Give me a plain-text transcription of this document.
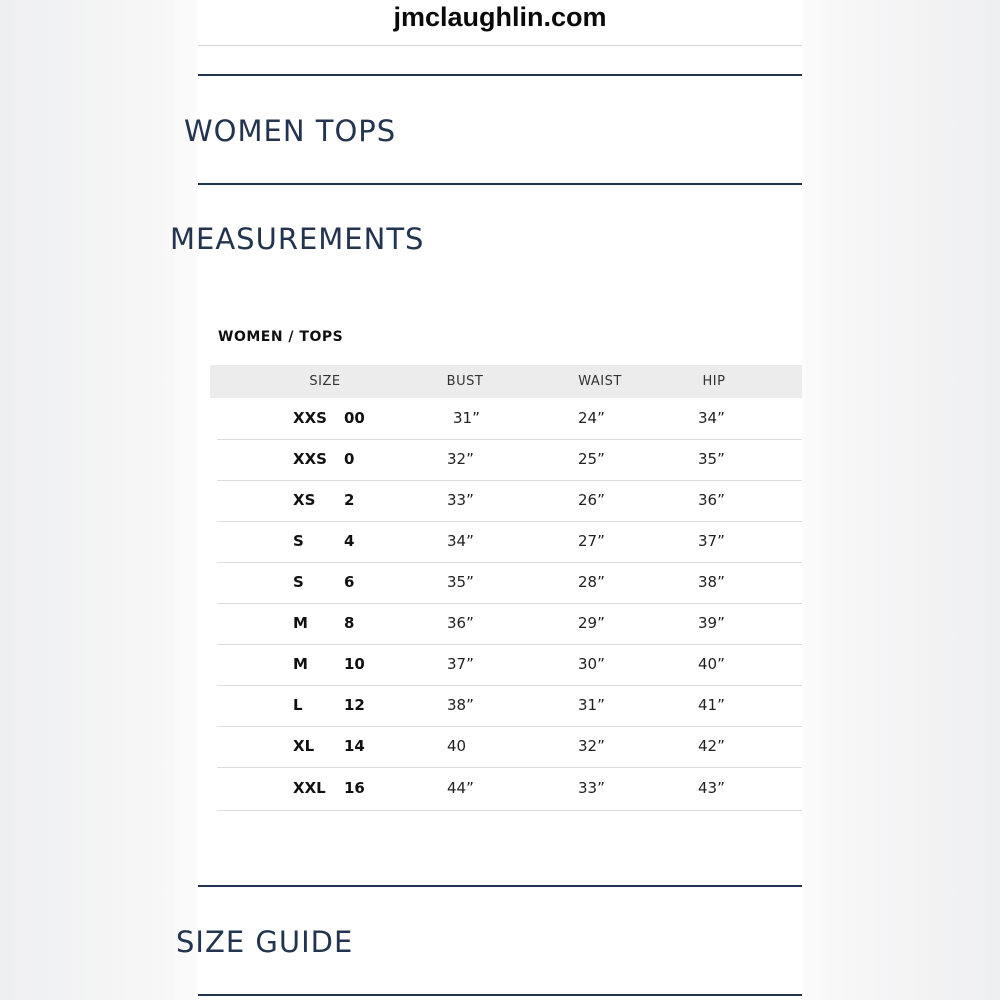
jmclaughlin.com
WOMEN TOPS
MEASUREMENTS
WOMEN / TOPS
SIZE	BUST	WAIST	HIP
XXS 00	31”	24”	34”
XXS 0	32”	25”	35”
XS 2	33”	26”	36”
S	4	34”	27”	37”
S	6	35”	28”	38”
M 8	36”	29”	39”
M 10	37”	30”	40”
L	12	38”	31”	41”
XL 14	40	32”	42”
XXL 16	44”	33”	43”
SIZE GUIDE
